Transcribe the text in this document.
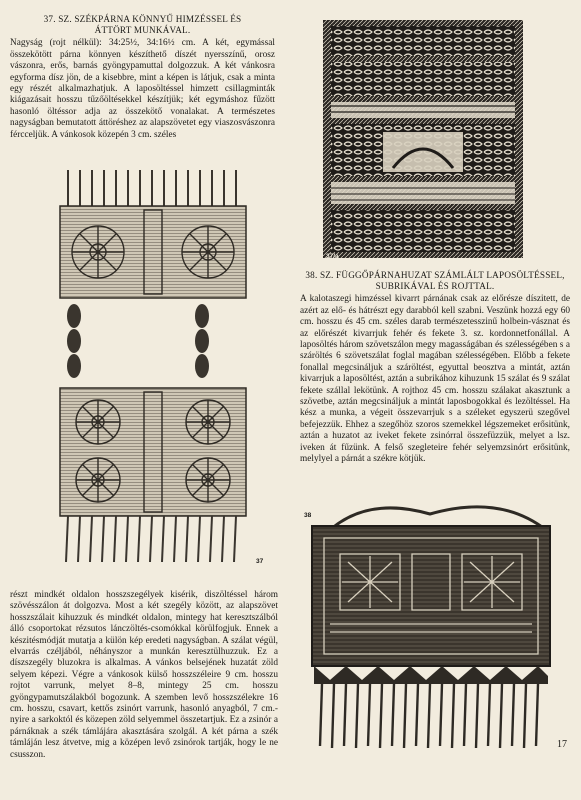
37. SZ. SZÉKPÁRNA KÖNNYŰ HIMZÉSSEL ÉS
ÁTTÖRT MUNKÁVAL.

Nagyság (rojt nélkül): 34:25½, 34:16½ cm. A két, egymással összekötött párna könnyen készíthető díszét nyersszínű, orosz vászonra, erős, barnás gyöngypamuttal dolgozzuk. A két vánkosra egyforma dísz jön, de a kisebbre, mint a képen is látjuk, csak a minta egy részét alkalmazhatjuk. A laposöltéssel himzett csillagminták kiágazásait hosszu tűzőöltésekkel készítjük; két egymáshoz fűzött hasonló öltéssor adja az összekötő vonalakat. A természetes nagyságban bemutatott áttöréshez az alapszövetet egy viaszosvászonra fércceljük. A vánkosok közepén 3 cm. széles

37/a
38. SZ. FÜGGŐPÁRNAHUZAT SZÁMLÁLT LAPOSÖLTÉSSEL,
SUBRIKÁVAL ÉS ROJTTAL.

A kalotaszegi himzéssel kivarrt párnának csak az előrésze díszitett, de azért az elő- és hátrészt egy darabból kell szabni. Veszünk hozzá egy 60 cm. hosszu és 45 cm. széles darab természetesszinű holbein-vásznat és az előrészét kivarrjuk fehér és fekete 3. sz. kordonnetfonállal. A laposöltés három szövetszálon megy magasságában és szélességében s a száröltés 6 szövetszálat foglal magában szélességében. Előbb a fekete fonallal megcsináljuk a száröltést, egyuttal beosztva a mintát, aztán kivarrjuk a laposöltést, aztán a subrikához kihuzunk 15 szálat és 9 szálat fekete szállal lekötünk. A rojthoz 45 cm. hosszu szálakat akasztunk a szövetbe, aztán megcsináljuk a mintát laposbogokkal és lezöltéssel. Ha kész a munka, a végeit összevarrjuk s a széleket egyszerü szegővel befejezzük. Ehhez a szegőhöz szoros szemekkel légszemeket erősitünk, aztán a huzatot az iveket fekete zsinórral összefüzzük, melyet a lsz. iveken át fűzünk. A felső szegleteire fehér selyemzsinórt erősitünk, melylyel a párnát a székre kötjük.

37
38

részt mindkét oldalon hosszszegélyek kisérik, diszöltéssel három szövésszálon át dolgozva. Most a két szegély között, az alapszövet hosszszálait kihuzzuk és mindkét oldalon, mintegy hat keresztszálból álló csoportokat rézsutos lánczöltés-csomókkal körülfogjuk. Ennek a készitésmódját mutatja a külön kép eredeti nagyságban. A szálat végül, elvarrás czéljából, néhányszor a munkán keresztülhuzzuk. Ez a díszszegély bluzokra is alkalmas. A vánkos belsejének huzatát zöld selyem képezi. Végre a vánkosok külső hosszszéleire 9 cm. hosszu rojtot varrunk, melyet 8–8, mintegy 25 cm. hosszu gyöngypamutszálakból bogozunk. A szemben levő hosszszélekre 16 cm. hosszu, csavart, kettős zsinórt varrunk, hasonló anyagból, 7 cm.-nyire a sarkoktól és közepen zöld selyemmel összetartjuk. Ez a zsinór a párnáknak a szék támlájára akasztására szolgál. A két párna a szék támláján lesz átvetve, mig a középen levő zsinórok tartják, hogy le ne csusszon.

17
